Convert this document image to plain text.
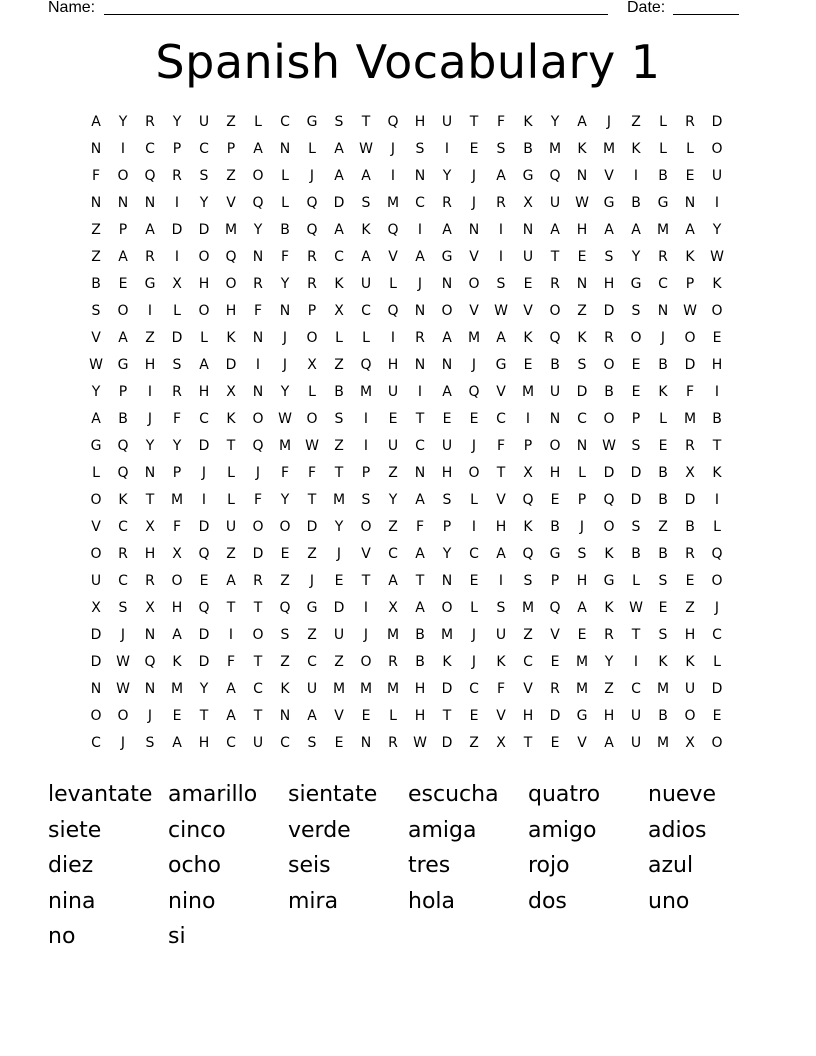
Name:	Date:
Spanish Vocabulary 1
A	Y	R	Y	U	Z	L	C	G	S	T	Q	H	U	T	F	K	Y	A	J	Z	L	R	D
N	I	C	P	C	P	A	N	L	A	W	J	S	I	E	S	B	M	K	M	K	L	L	O
F	O	Q	R	S	Z	O	L	J	A	A	I	N	Y	J	A	G	Q	N	V	I	B	E	U
N	N	N	I	Y	V	Q	L	Q	D	S	M	C	R	J	R	X	U	W	G	B	G	N	I
Z	P	A	D	D	M	Y	B	Q	A	K	Q	I	A	N	I	N	A	H	A	A	M	A	Y
Z	A	R	I	O	Q	N	F	R	C	A	V	A	G	V	I	U	T	E	S	Y	R	K	W
B	E	G	X	H	O	R	Y	R	K	U	L	J	N	O	S	E	R	N	H	G	C	P	K
S	O	I	L	O	H	F	N	P	X	C	Q	N	O	V	W	V	O	Z	D	S	N	W	O
V	A	Z	D	L	K	N	J	O	L	L	I	R	A	M	A	K	Q	K	R	O	J	O	E
W	G	H	S	A	D	I	J	X	Z	Q	H	N	N	J	G	E	B	S	O	E	B	D	H
Y	P	I	R	H	X	N	Y	L	B	M	U	I	A	Q	V	M	U	D	B	E	K	F	I
A	B	J	F	C	K	O	W	O	S	I	E	T	E	E	C	I	N	C	O	P	L	M	B
G	Q	Y	Y	D	T	Q	M	W	Z	I	U	C	U	J	F	P	O	N	W	S	E	R	T
L	Q	N	P	J	L	J	F	F	T	P	Z	N	H	O	T	X	H	L	D	D	B	X	K
O	K	T	M	I	L	F	Y	T	M	S	Y	A	S	L	V	Q	E	P	Q	D	B	D	I
V	C	X	F	D	U	O	O	D	Y	O	Z	F	P	I	H	K	B	J	O	S	Z	B	L
O	R	H	X	Q	Z	D	E	Z	J	V	C	A	Y	C	A	Q	G	S	K	B	B	R	Q
U	C	R	O	E	A	R	Z	J	E	T	A	T	N	E	I	S	P	H	G	L	S	E	O
X	S	X	H	Q	T	T	Q	G	D	I	X	A	O	L	S	M	Q	A	K	W	E	Z	J
D	J	N	A	D	I	O	S	Z	U	J	M	B	M	J	U	Z	V	E	R	T	S	H	C
D	W	Q	K	D	F	T	Z	C	Z	O	R	B	K	J	K	C	E	M	Y	I	K	K	L
N	W	N	M	Y	A	C	K	U	M	M	M	H	D	C	F	V	R	M	Z	C	M	U	D
O	O	J	E	T	A	T	N	A	V	E	L	H	T	E	V	H	D	G	H	U	B	O	E
C	J	S	A	H	C	U	C	S	E	N	R	W	D	Z	X	T	E	V	A	U	M	X	O
levantate amarillo sientate escucha quatro nueve
siete	cinco	verde	amiga amigo adios
diez	ocho	seis	tres	rojo	azul
nina	nino	mira	hola	dos	uno
no	si
